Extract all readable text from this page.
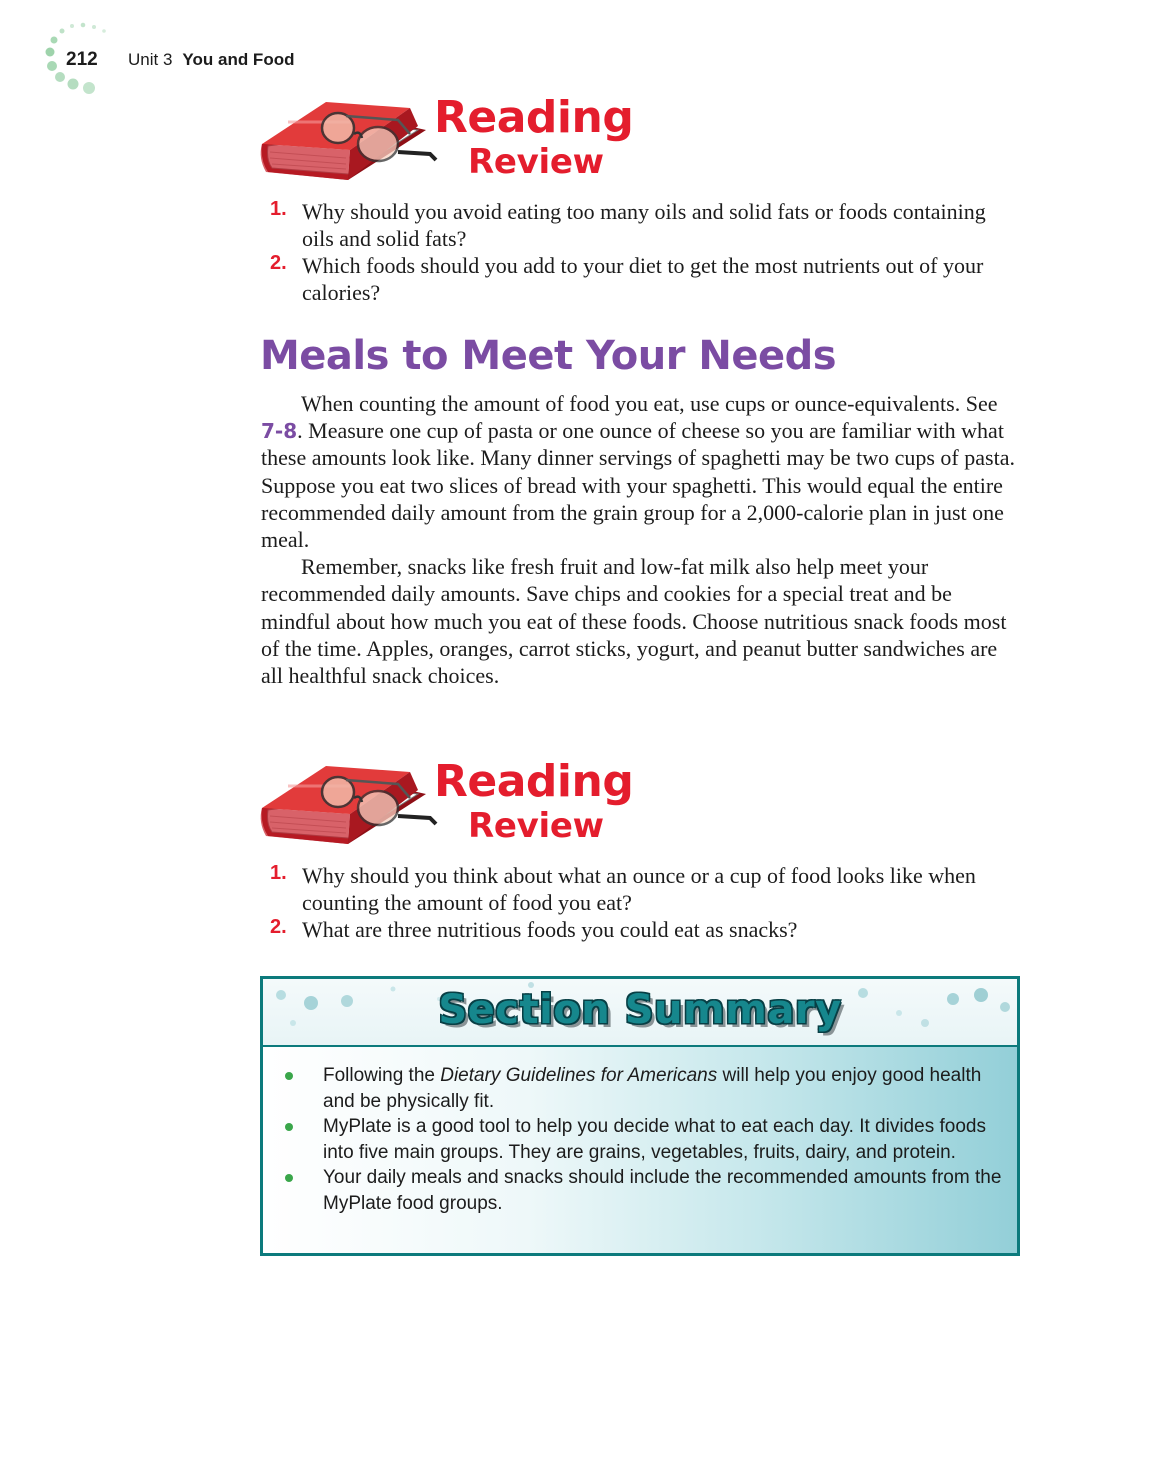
212 Unit 3 You and Food
Reading
Review
1. Why should you avoid eating too many oils and solid fats or foods containing oils and solid fats?
2. Which foods should you add to your diet to get the most nutrients out of your calories?
Meals to Meet Your Needs

When counting the amount of food you eat, use cups or ounce-equivalents. See 7-8. Measure one cup of pasta or one ounce of cheese so you are familiar with what these amounts look like. Many dinner servings of spaghetti may be two cups of pasta. Suppose you eat two slices of bread with your spaghetti. This would equal the entire recommended daily amount from the grain group for a 2,000-calorie plan in just one meal.

Remember, snacks like fresh fruit and low-fat milk also help meet your recommended daily amounts. Save chips and cookies for a special treat and be mindful about how much you eat of these foods. Choose nutritious snack foods most of the time. Apples, oranges, carrot sticks, yogurt, and peanut butter sandwiches are all healthful snack choices.

Reading
Review
1. Why should you think about what an ounce or a cup of food looks like when counting the amount of food you eat?
2. What are three nutritious foods you could eat as snacks?
Section Summary
Following the Dietary Guidelines for Americans will help you enjoy good health and be physically fit.
MyPlate is a good tool to help you decide what to eat each day. It divides foods into five main groups. They are grains, vegetables, fruits, dairy, and protein.
Your daily meals and snacks should include the recommended amounts from the MyPlate food groups.
